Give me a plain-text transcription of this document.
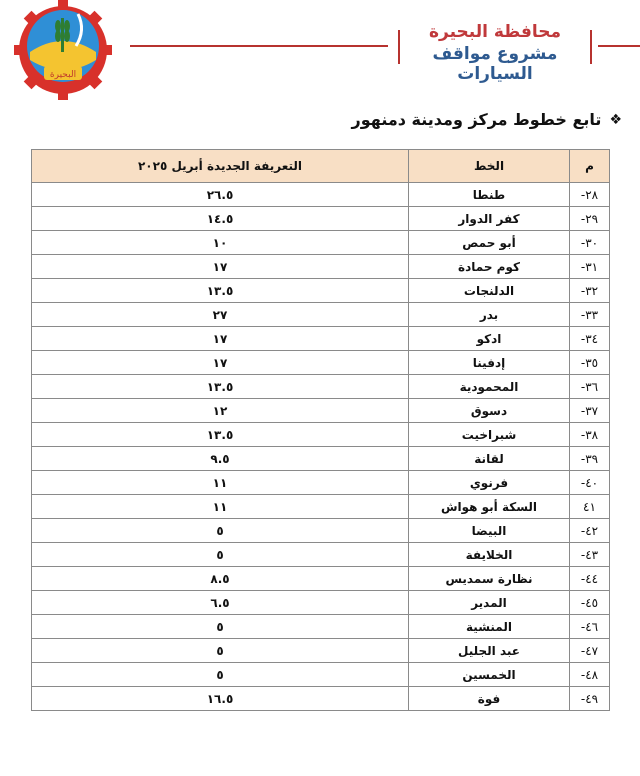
البحيرة
محافظة البحيرة
مشروع مواقف السيارات
❖
تابع خطوط مركز ومدينة دمنهور
م	الخط	التعريفة الجديدة أبريل ٢٠٢٥
٢٨-	طنطا	٢٦.٥
٢٩-	كفر الدوار	١٤.٥
٣٠-	أبو حمص	١٠
٣١-	كوم حمادة	١٧
٣٢-	الدلنجات	١٣.٥
٣٣-	بدر	٢٧
٣٤-	ادكو	١٧
٣٥-	إدفينا	١٧
٣٦-	المحمودية	١٣.٥
٣٧-	دسوق	١٢
٣٨-	شبراخيت	١٣.٥
٣٩-	لقانة	٩.٥
٤٠-	فرنوي	١١
٤١	السكة أبو هواش	١١
٤٢-	البيضا	٥
٤٣-	الخلايفة	٥
٤٤-	نظارة سمديس	٨.٥
٤٥-	المدير	٦.٥
٤٦-	المنشية	٥
٤٧-	عبد الجليل	٥
٤٨-	الخمسين	٥
٤٩-	فوة	١٦.٥
